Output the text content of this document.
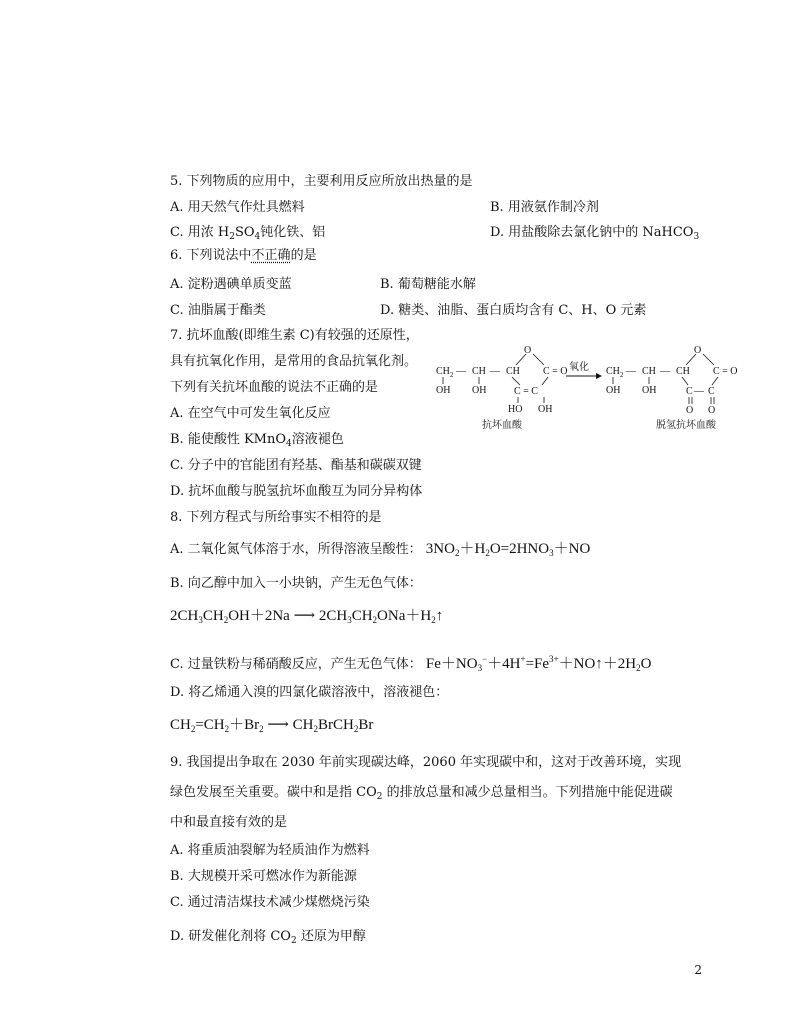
5. 下列物质的应用中，主要利用反应所放出热量的是
A. 用天然气作灶具燃料	B. 用液氨作制冷剂
C. 用浓 $H_2SO_4$钝化铁、铝	D. 用盐酸除去氯化钠中的 NaHCO$_3$
6. 下列说法中不正确的是
A. 淀粉遇碘单质变蓝	B. 葡萄糖能水解
C. 油脂属于酯类	D. 糖类、油脂、蛋白质均含有 C、H、O 元素
7. 抗坏血酸(即维生素 C)有较强的还原性，
具有抗氧化作用，是常用的食品抗氧化剂。
下列有关抗坏血酸的说法不正确的是
A. 在空气中可发生氧化反应
B. 能使酸性 KMnO$_4$溶液褪色
C. 分子中的官能团有羟基、酯基和碳碳双键
D. 抗坏血酸与脱氢抗坏血酸互为同分异构体
$CH_2$ — CH — CH
O
C = O
OH OH	C = C
HO OH
抗坏血酸
氧化 $CH_2$ — CH — CH
O
C = O
OH OH	C — C
O O
脱氢抗坏血酸
8. 下列方程式与所给事实不相符的是
A. 二氧化氮气体溶于水，所得溶液呈酸性： $3NO_2+H_2O=2HNO_3+NO$
B. 向乙醇中加入一小块钠，产生无色气体：
$2CH_3CH_2OH+2Na$ ⟶ $2CH_3CH_2ONa+H_2↑$
C. 过量铁粉与稀硝酸反应，产生无色气体： $Fe+NO_3^-+4H^+=Fe^{3+}+NO↑+2H_2O$
D. 将乙烯通入溴的四氯化碳溶液中，溶液褪色：
$CH_2=CH_2+Br_2$ ⟶ $CH_2BrCH_2Br$
9. 我国提出争取在 2030 年前实现碳达峰，2060 年实现碳中和，这对于改善环境，实现
绿色发展至关重要。碳中和是指 $CO_2$ 的排放总量和减少总量相当。下列措施中能促进碳
中和最直接有效的是
A. 将重质油裂解为轻质油作为燃料
B. 大规模开采可燃冰作为新能源
C. 通过清洁煤技术减少煤燃烧污染
D. 研发催化剂将 $CO_2$ 还原为甲醇
2
